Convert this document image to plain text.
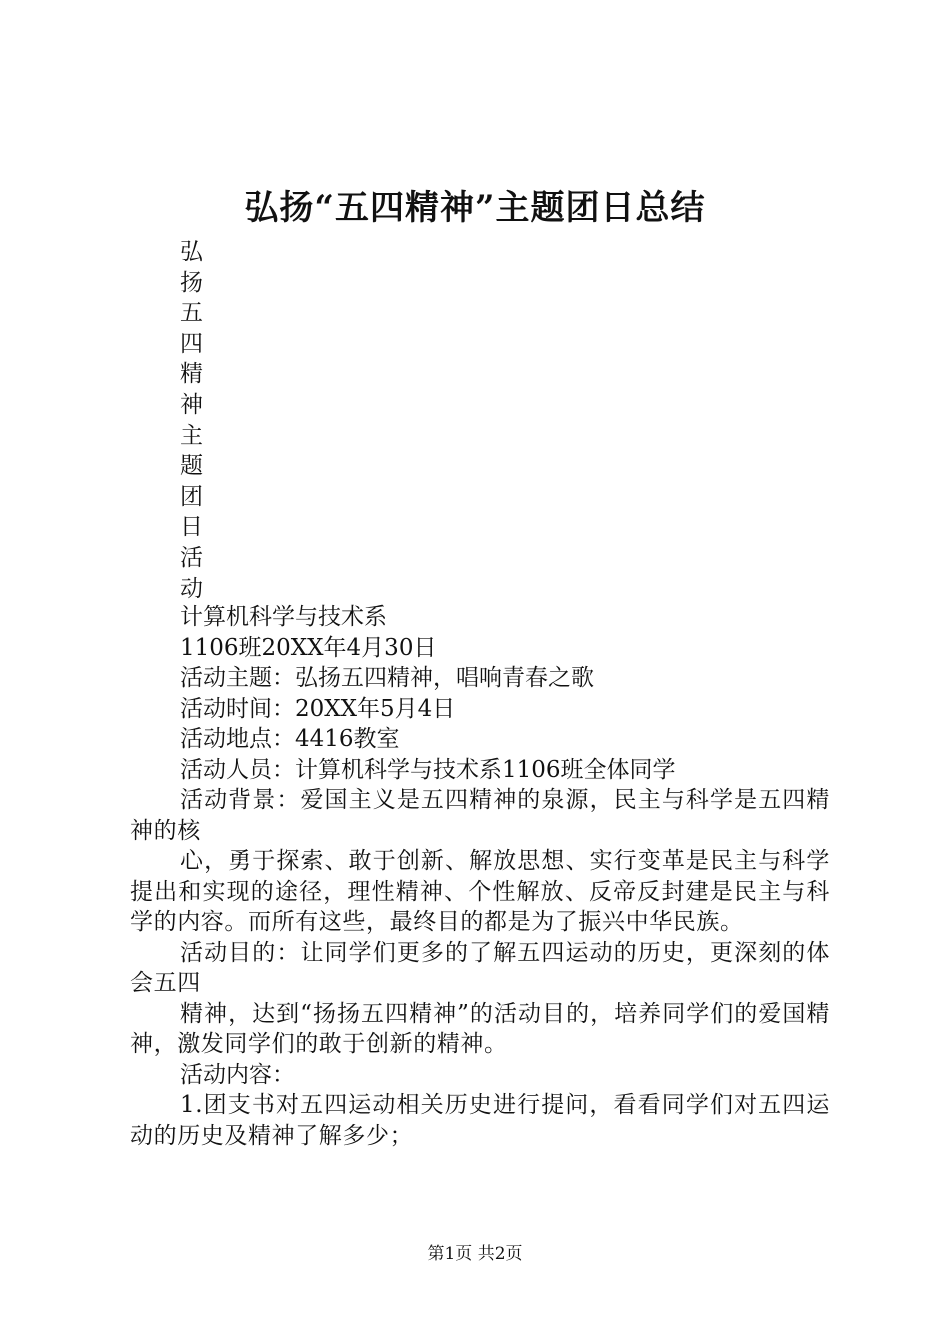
弘扬“五四精神”主题团日总结
弘
扬
五
四
精
神
主
题
团
日
活
动

计算机科学与技术系

1106班20XX年4月30日

活动主题：弘扬五四精神，唱响青春之歌

活动时间：20XX年5月4日

活动地点：4416教室

活动人员：计算机科学与技术系1106班全体同学

活动背景：爱国主义是五四精神的泉源，民主与科学是五四精神的核

心，勇于探索、敢于创新、解放思想、实行变革是民主与科学提出和实现的途径，理性精神、个性解放、反帝反封建是民主与科学的内容。而所有这些，最终目的都是为了振兴中华民族。

活动目的：让同学们更多的了解五四运动的历史，更深刻的体会五四

精神，达到“扬扬五四精神”的活动目的，培养同学们的爱国精神，激发同学们的敢于创新的精神。

活动内容：

1.团支书对五四运动相关历史进行提问，看看同学们对五四运动的历史及精神了解多少；

第1页 共2页
